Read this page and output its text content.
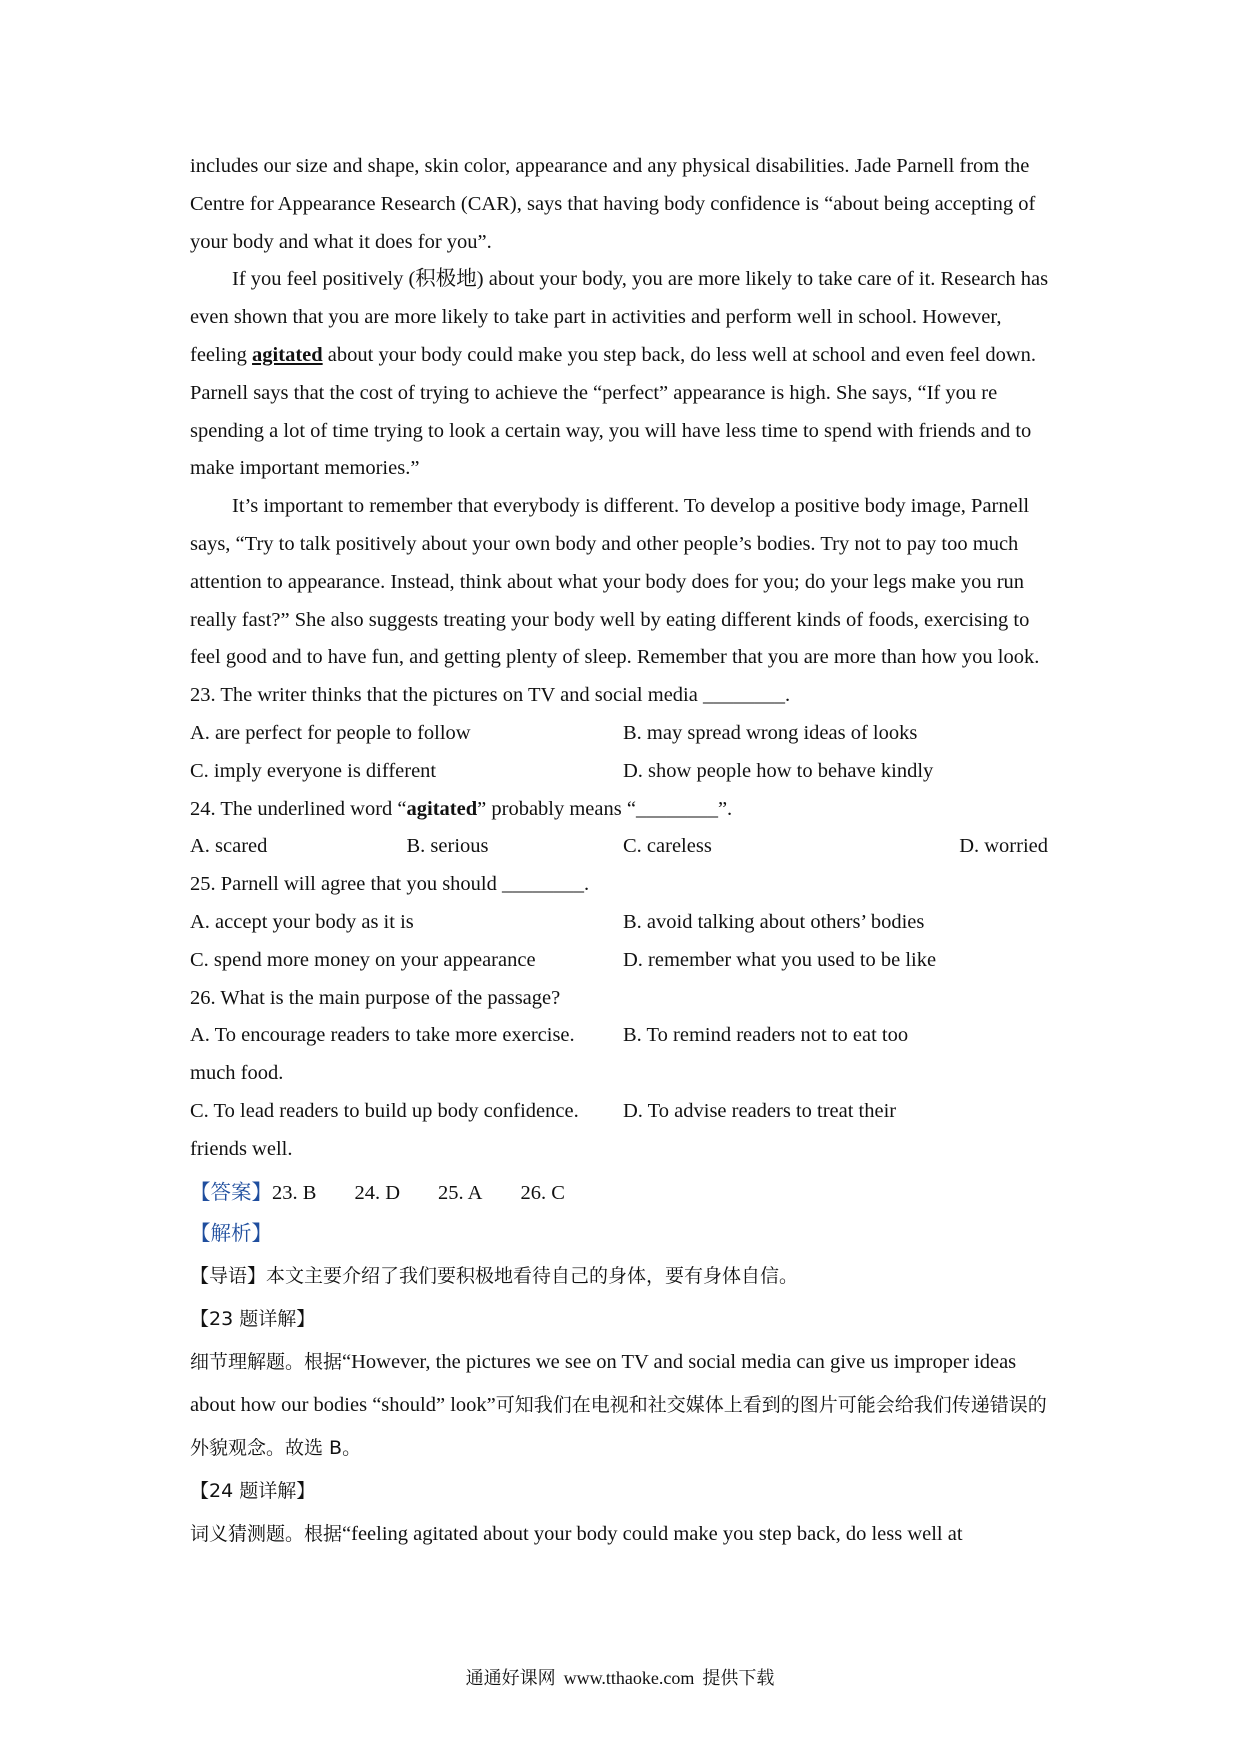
includes our size and shape, skin color, appearance and any physical disabilities. Jade Parnell from the Centre for Appearance Research (CAR), says that having body confidence is “about being accepting of your body and what it does for you”.

If you feel positively (积极地) about your body, you are more likely to take care of it. Research has even shown that you are more likely to take part in activities and perform well in school. However, feeling agitated about your body could make you step back, do less well at school and even feel down. Parnell says that the cost of trying to achieve the “perfect” appearance is high. She says, “If you re spending a lot of time trying to look a certain way, you will have less time to spend with friends and to make important memories.”

It’s important to remember that everybody is different. To develop a positive body image, Parnell says, “Try to talk positively about your own body and other people’s bodies. Try not to pay too much attention to appearance. Instead, think about what your body does for you; do your legs make you run really fast?” She also suggests treating your body well by eating different kinds of foods, exercising to feel good and to have fun, and getting plenty of sleep. Remember that you are more than how you look.

23. The writer thinks that the pictures on TV and social media ________.

A. are perfect for people to follow	B. may spread wrong ideas of looks
C. imply everyone is different	D. show people how to behave kindly

24. The underlined word “agitated” probably means “________”.

A. scared	B. serious	C. careless	D. worried

25. Parnell will agree that you should ________.

A. accept your body as it is	B. avoid talking about others’ bodies
C. spend more money on your appearance	D. remember what you used to be like

26. What is the main purpose of the passage?

A. To encourage readers to take more exercise.	B. To remind readers not to eat too
much food.
C. To lead readers to build up body confidence.	D. To advise readers to treat their
friends well.

【答案】23. B 24. D 25. A 26. C

【解析】

【导语】本文主要介绍了我们要积极地看待自己的身体，要有身体自信。

【23 题详解】

细节理解题。根据“However, the pictures we see on TV and social media can give us improper ideas about how our bodies “should” look”可知我们在电视和社交媒体上看到的图片可能会给我们传递错误的外貌观念。故选 B。

【24 题详解】

词义猜测题。根据“feeling agitated about your body could make you step back, do less well at

通通好课网 www.tthaoke.com 提供下载
